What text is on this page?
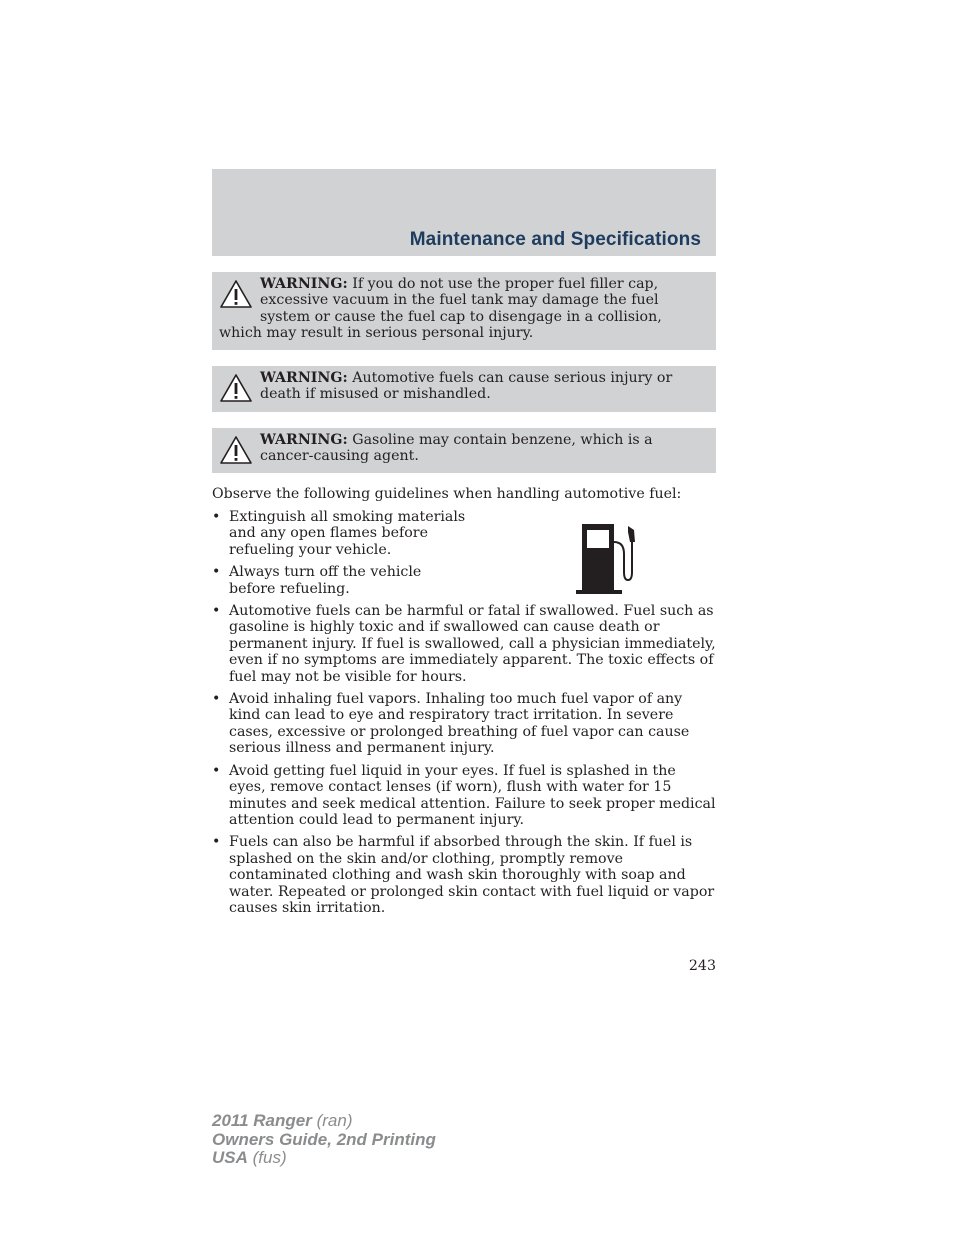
Maintenance and Specifications
WARNING: If you do not use the proper fuel filler cap, excessive vacuum in the fuel tank may damage the fuel system or cause the fuel cap to disengage in a collision, which may result in serious personal injury.
WARNING: Automotive fuels can cause serious injury or death if misused or mishandled.
WARNING: Gasoline may contain benzene, which is a cancer-causing agent.

Observe the following guidelines when handling automotive fuel:

• Extinguish all smoking materials and any open flames before refueling your vehicle.
• Always turn off the vehicle before refueling.
• Automotive fuels can be harmful or fatal if swallowed. Fuel such as gasoline is highly toxic and if swallowed can cause death or permanent injury. If fuel is swallowed, call a physician immediately, even if no symptoms are immediately apparent. The toxic effects of fuel may not be visible for hours.
• Avoid inhaling fuel vapors. Inhaling too much fuel vapor of any kind can lead to eye and respiratory tract irritation. In severe cases, excessive or prolonged breathing of fuel vapor can cause serious illness and permanent injury.
• Avoid getting fuel liquid in your eyes. If fuel is splashed in the eyes, remove contact lenses (if worn), flush with water for 15 minutes and seek medical attention. Failure to seek proper medical attention could lead to permanent injury.
• Fuels can also be harmful if absorbed through the skin. If fuel is splashed on the skin and/or clothing, promptly remove contaminated clothing and wash skin thoroughly with soap and water. Repeated or prolonged skin contact with fuel liquid or vapor causes skin irritation.
243

2011 Ranger (ran)
Owners Guide, 2nd Printing
USA (fus)
